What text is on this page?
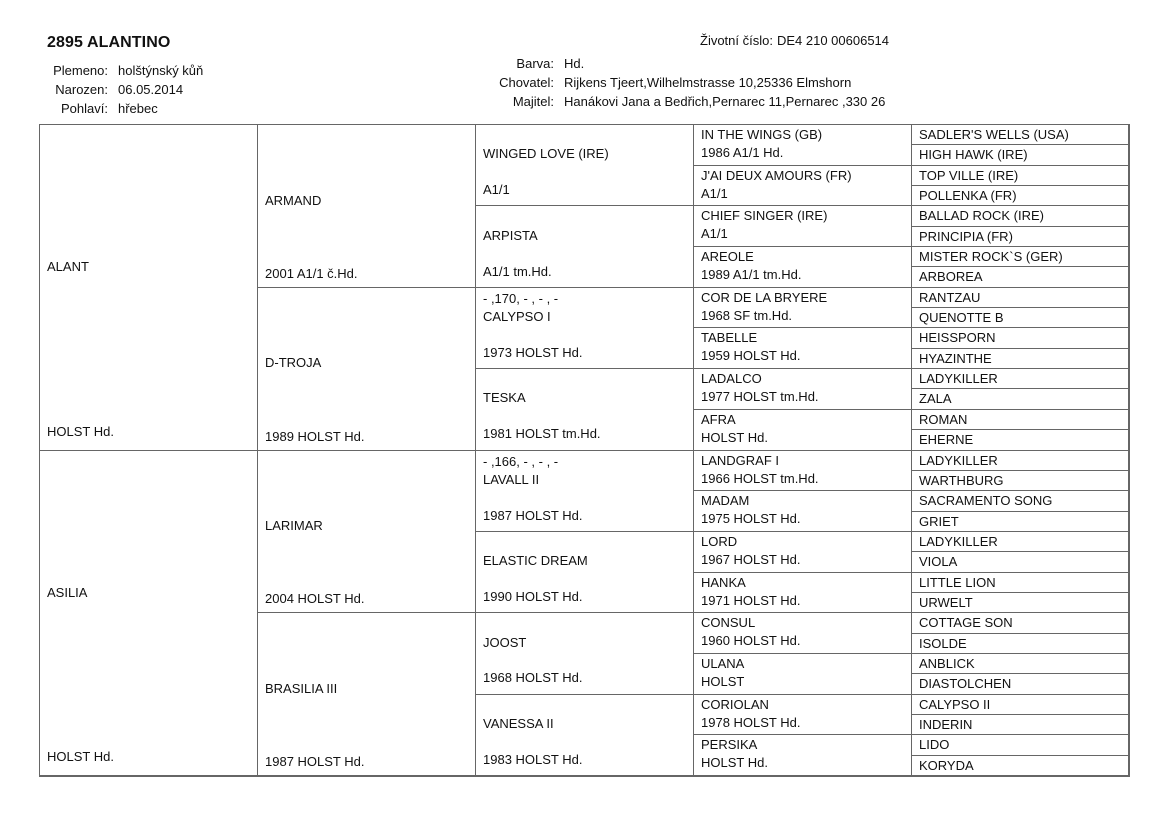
2895 ALANTINO	Životní číslo: DE4 210 00606514
Plemeno: holštýnský kůň
Narozen: 06.05.2014
Pohlaví: hřebec
Barva: Hd.
Chovatel: Rijkens Tjeert,Wilhelmstrasse 10,25336 Elmshorn
Majitel: Hanákovi Jana a Bedřich,Pernarec 11,Pernarec ,330 26
ALANT
HOLST Hd.
ASILIA
HOLST Hd.
ARMAND
2001 A1/1 č.Hd.
D-TROJA
1989 HOLST Hd.
LARIMAR
2004 HOLST Hd.
BRASILIA III
1987 HOLST Hd.
WINGED LOVE (IRE)
A1/1
ARPISTA
A1/1 tm.Hd.
- ,170, - , - , -
CALYPSO I
1973 HOLST Hd.
TESKA
1981 HOLST tm.Hd.
- ,166, - , - , -
LAVALL II
1987 HOLST Hd.
ELASTIC DREAM
1990 HOLST Hd.
JOOST
1968 HOLST Hd.
VANESSA II
1983 HOLST Hd.
IN THE WINGS (GB)
1986 A1/1 Hd.
J'AI DEUX AMOURS (FR)
A1/1
CHIEF SINGER (IRE)
A1/1
AREOLE
1989 A1/1 tm.Hd.
COR DE LA BRYERE
1968 SF tm.Hd.
TABELLE
1959 HOLST Hd.
LADALCO
1977 HOLST tm.Hd.
AFRA
HOLST Hd.
LANDGRAF I
1966 HOLST tm.Hd.
MADAM
1975 HOLST Hd.
LORD
1967 HOLST Hd.
HANKA
1971 HOLST Hd.
CONSUL
1960 HOLST Hd.
ULANA
HOLST
CORIOLAN
1978 HOLST Hd.
PERSIKA
HOLST Hd.
SADLER'S WELLS (USA)
HIGH HAWK (IRE)
TOP VILLE (IRE)
POLLENKA (FR)
BALLAD ROCK (IRE)
PRINCIPIA (FR)
MISTER ROCK`S (GER)
ARBOREA
RANTZAU
QUENOTTE B
HEISSPORN
HYAZINTHE
LADYKILLER
ZALA
ROMAN
EHERNE
LADYKILLER
WARTHBURG
SACRAMENTO SONG
GRIET
LADYKILLER
VIOLA
LITTLE LION
URWELT
COTTAGE SON
ISOLDE
ANBLICK
DIASTOLCHEN
CALYPSO II
INDERIN
LIDO
KORYDA
